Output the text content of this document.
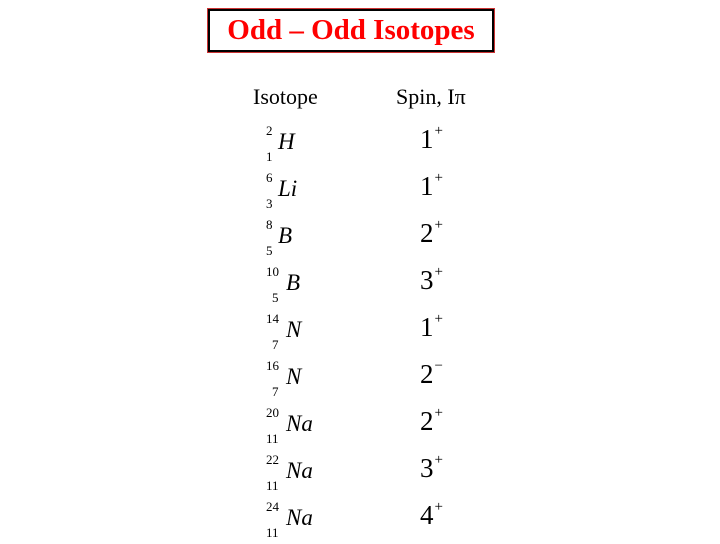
Odd – Odd Isotopes
Isotope	Spin, Iπ
2
1
H	1+
6
3
Li	1+
8
5
B	2+
10
5
B	3+
14
7
N	1+
16
7
N	2−
20
11
Na	2+
22
11
Na	3+
24
11
Na	4+
